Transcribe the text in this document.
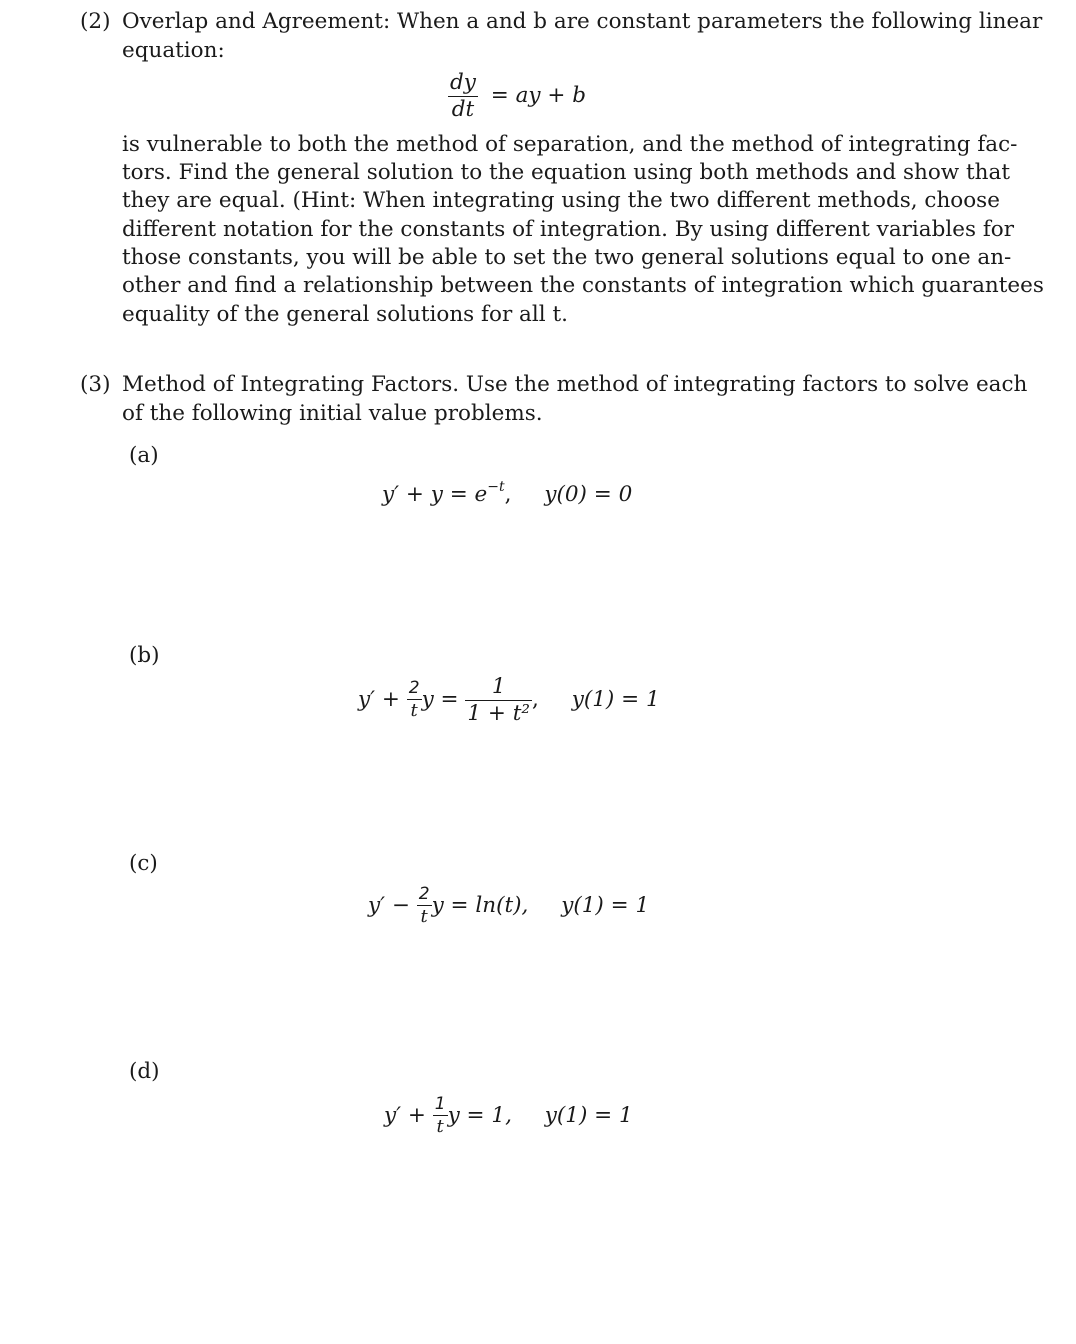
(2) Overlap and Agreement: When a and b are constant parameters the following linear
equation:
$\frac{dy}{dt}$ = ay + b
is vulnerable to both the method of separation, and the method of integrating fac-
tors. Find the general solution to the equation using both methods and show that
they are equal. (Hint: When integrating using the two different methods, choose
different notation for the constants of integration. By using different variables for
those constants, you will be able to set the two general solutions equal to one an-
other and find a relationship between the constants of integration which guarantees
equality of the general solutions for all t.
(3) Method of Integrating Factors. Use the method of integrating factors to solve each
of the following initial value problems.
(a)
$y' + y = e^{-t}$, y(0) = 0
(b)
$y' + \frac{2}{t}$ $y = \frac{1}{\text{1 + t²}}$ , y(1) = 1
(c)
$y' - \frac{2}{t}$ y = ln(t), y(1) = 1
(d)
$y' + \frac{1}{t}$ y = 1, y(1) = 1
